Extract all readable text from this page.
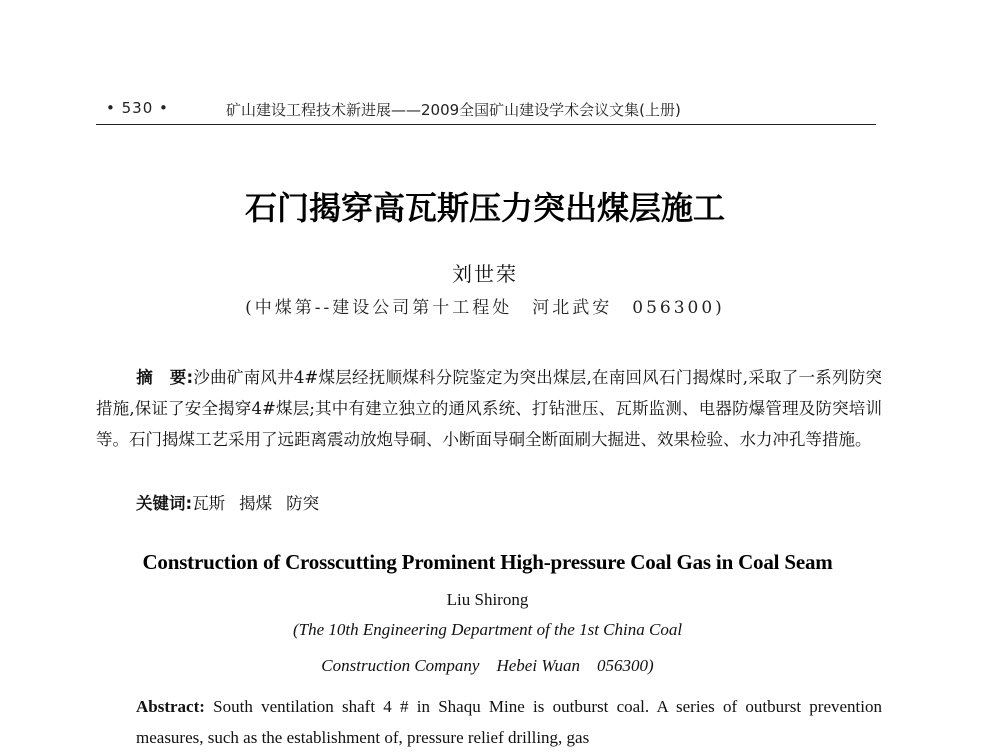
• 530 •	矿山建设工程技术新进展——2009全国矿山建设学术会议文集(上册)
石门揭穿高瓦斯压力突出煤层施工
刘世荣
(中煤第--建设公司第十工程处　河北武安　056300)
摘　要:沙曲矿南风井4#煤层经抚顺煤科分院鉴定为突出煤层,在南回风石门揭煤时,采取了一系列防突措施,保证了安全揭穿4#煤层;其中有建立独立的通风系统、打钻泄压、瓦斯监测、电器防爆管理及防突培训等。石门揭煤工艺采用了远距离震动放炮导硐、小断面导硐全断面刷大掘进、效果检验、水力冲孔等措施。
关键词:瓦斯 揭煤 防突
Construction of Crosscutting Prominent High-pressure Coal Gas in Coal Seam
Liu Shirong
(The 10th Engineering Department of the 1st China Coal
Construction Company　Hebei Wuan　056300)
Abstract: South ventilation shaft 4 # in Shaqu Mine is outburst coal. A series of outburst prevention measures, such as the establishment of, pressure relief drilling, gas
